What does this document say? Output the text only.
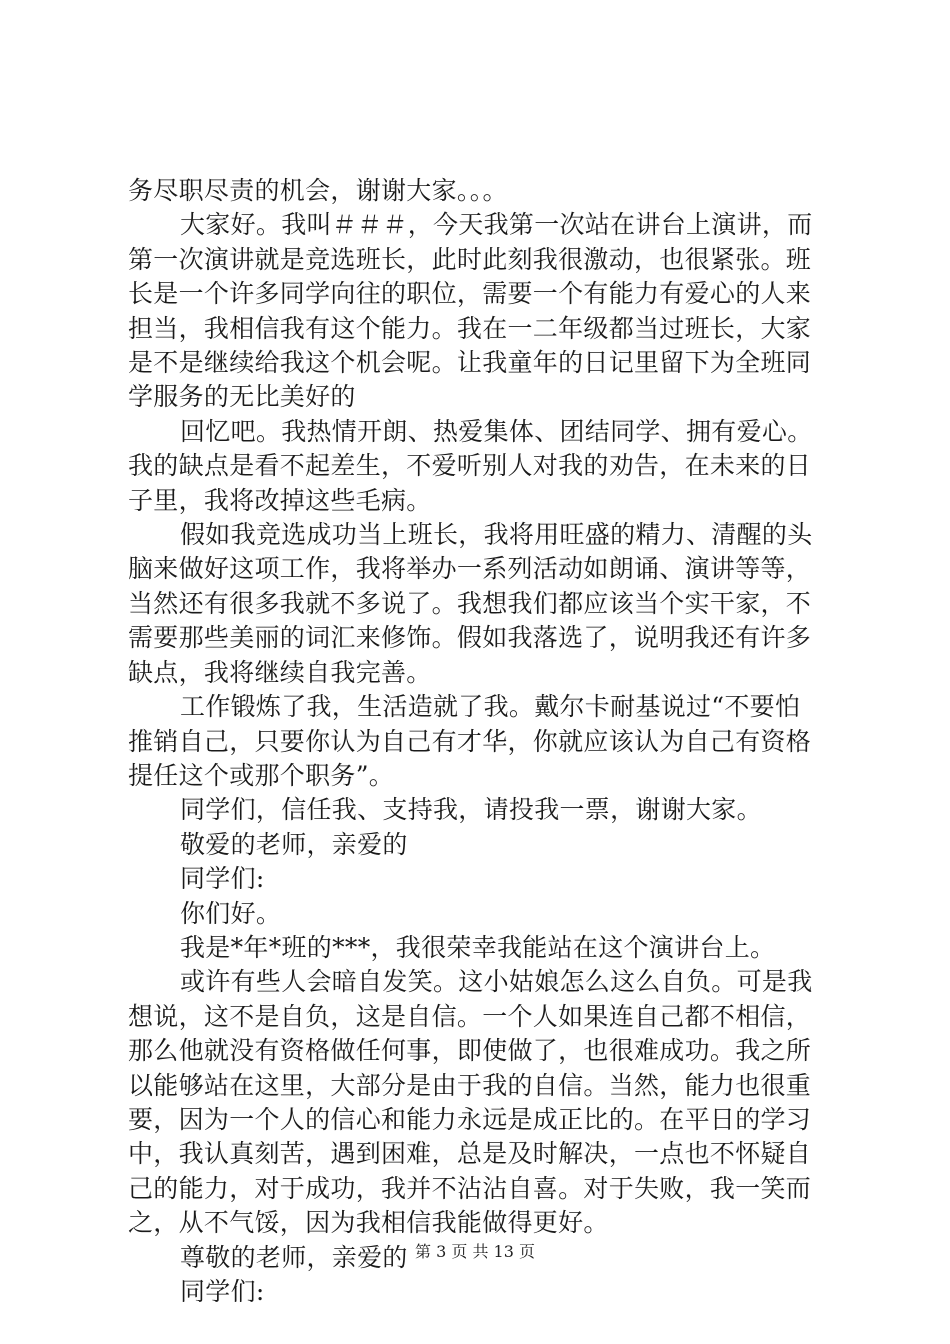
务尽职尽责的机会，谢谢大家。。。
大家好。我叫＃＃＃，今天我第一次站在讲台上演讲，而
第一次演讲就是竞选班长，此时此刻我很激动，也很紧张。班
长是一个许多同学向往的职位，需要一个有能力有爱心的人来
担当，我相信我有这个能力。我在一二年级都当过班长，大家
是不是继续给我这个机会呢。让我童年的日记里留下为全班同
学服务的无比美好的
回忆吧。我热情开朗、热爱集体、团结同学、拥有爱心。
我的缺点是看不起差生，不爱听别人对我的劝告，在未来的日
子里，我将改掉这些毛病。
假如我竞选成功当上班长，我将用旺盛的精力、清醒的头
脑来做好这项工作，我将举办一系列活动如朗诵、演讲等等，
当然还有很多我就不多说了。我想我们都应该当个实干家，不
需要那些美丽的词汇来修饰。假如我落选了，说明我还有许多
缺点，我将继续自我完善。
工作锻炼了我，生活造就了我。戴尔卡耐基说过“不要怕
推销自己，只要你认为自己有才华，你就应该认为自己有资格
提任这个或那个职务”。
同学们，信任我、支持我，请投我一票，谢谢大家。
敬爱的老师，亲爱的
同学们:
你们好。
我是*年*班的***，我很荣幸我能站在这个演讲台上。
或许有些人会暗自发笑。这小姑娘怎么这么自负。可是我
想说，这不是自负，这是自信。一个人如果连自己都不相信，
那么他就没有资格做任何事，即使做了，也很难成功。我之所
以能够站在这里，大部分是由于我的自信。当然，能力也很重
要，因为一个人的信心和能力永远是成正比的。在平日的学习
中，我认真刻苦，遇到困难，总是及时解决，一点也不怀疑自
己的能力，对于成功，我并不沾沾自喜。对于失败，我一笑而
之，从不气馁，因为我相信我能做得更好。
尊敬的老师，亲爱的
同学们:
第 3 页 共 13 页
